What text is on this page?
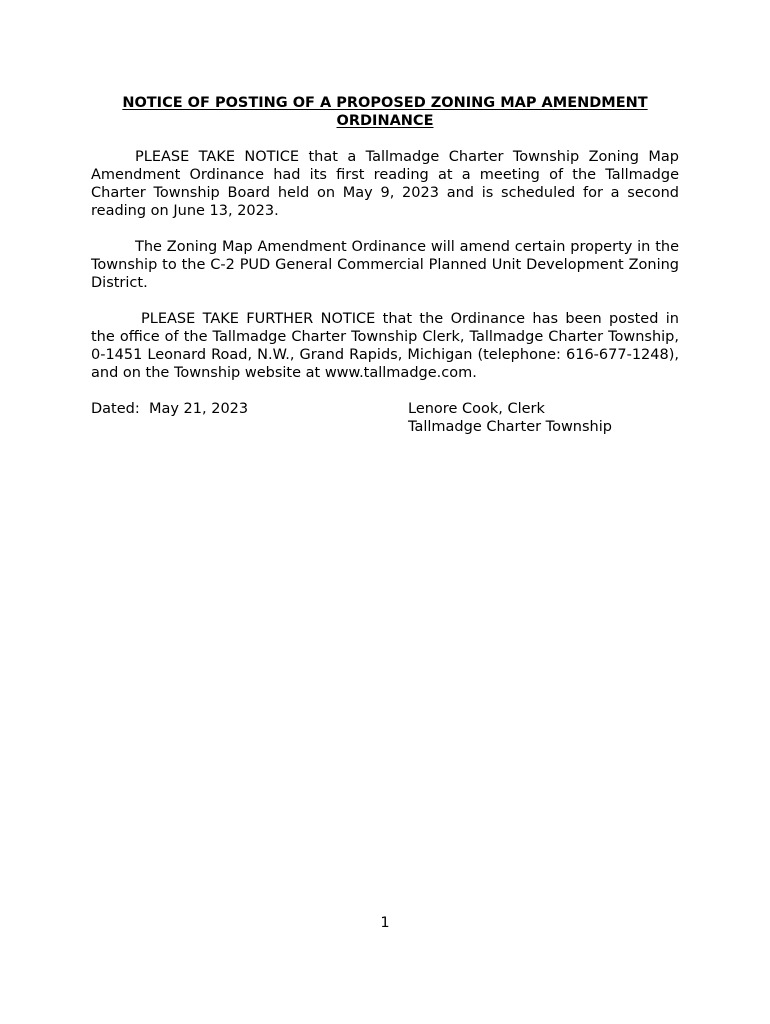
NOTICE OF POSTING OF A PROPOSED ZONING MAP AMENDMENT ORDINANCE

PLEASE TAKE NOTICE that a Tallmadge Charter Township Zoning Map Amendment Ordinance had its first reading at a meeting of the Tallmadge Charter Township Board held on May 9, 2023 and is scheduled for a second reading on June 13, 2023.

The Zoning Map Amendment Ordinance will amend certain property in the Township to the C-2 PUD General Commercial Planned Unit Development Zoning District.

PLEASE TAKE FURTHER NOTICE that the Ordinance has been posted in the office of the Tallmadge Charter Township Clerk, Tallmadge Charter Township, 0-1451 Leonard Road, N.W., Grand Rapids, Michigan (telephone: 616-677-1248), and on the Township website at www.tallmadge.com.

Dated: May 21, 2023	Lenore Cook, Clerk
Tallmadge Charter Township
1
